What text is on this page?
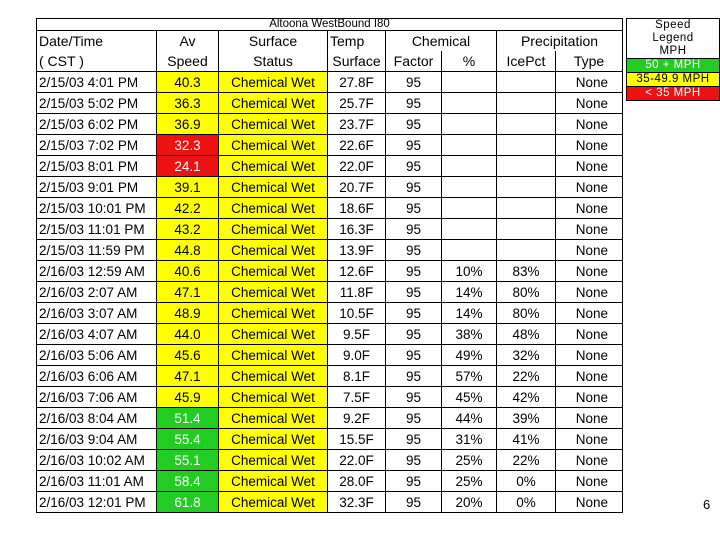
Altoona WestBound I80							
Date/Time	Av	Surface	Temp	Chemical		Precipitation	
( CST )	Speed	Status	Surface	Factor	%	IcePct	Type
2/15/03 4:01 PM	40.3	Chemical Wet	27.8F	95			None
2/15/03 5:02 PM	36.3	Chemical Wet	25.7F	95			None
2/15/03 6:02 PM	36.9	Chemical Wet	23.7F	95			None
2/15/03 7:02 PM	32.3	Chemical Wet	22.6F	95			None
2/15/03 8:01 PM	24.1	Chemical Wet	22.0F	95			None
2/15/03 9:01 PM	39.1	Chemical Wet	20.7F	95			None
2/15/03 10:01 PM	42.2	Chemical Wet	18.6F	95			None
2/15/03 11:01 PM	43.2	Chemical Wet	16.3F	95			None
2/15/03 11:59 PM	44.8	Chemical Wet	13.9F	95			None
2/16/03 12:59 AM	40.6	Chemical Wet	12.6F	95	10%	83%	None
2/16/03 2:07 AM	47.1	Chemical Wet	11.8F	95	14%	80%	None
2/16/03 3:07 AM	48.9	Chemical Wet	10.5F	95	14%	80%	None
2/16/03 4:07 AM	44.0	Chemical Wet	9.5F	95	38%	48%	None
2/16/03 5:06 AM	45.6	Chemical Wet	9.0F	95	49%	32%	None
2/16/03 6:06 AM	47.1	Chemical Wet	8.1F	95	57%	22%	None
2/16/03 7:06 AM	45.9	Chemical Wet	7.5F	95	45%	42%	None
2/16/03 8:04 AM	51.4	Chemical Wet	9.2F	95	44%	39%	None
2/16/03 9:04 AM	55.4	Chemical Wet	15.5F	95	31%	41%	None
2/16/03 10:02 AM	55.1	Chemical Wet	22.0F	95	25%	22%	None
2/16/03 11:01 AM	58.4	Chemical Wet	28.0F	95	25%	0%	None
2/16/03 12:01 PM	61.8	Chemical Wet	32.3F	95	20%	0%	None
Speed
Legend
MPH
50 + MPH
35-49.9 MPH
< 35 MPH
6
